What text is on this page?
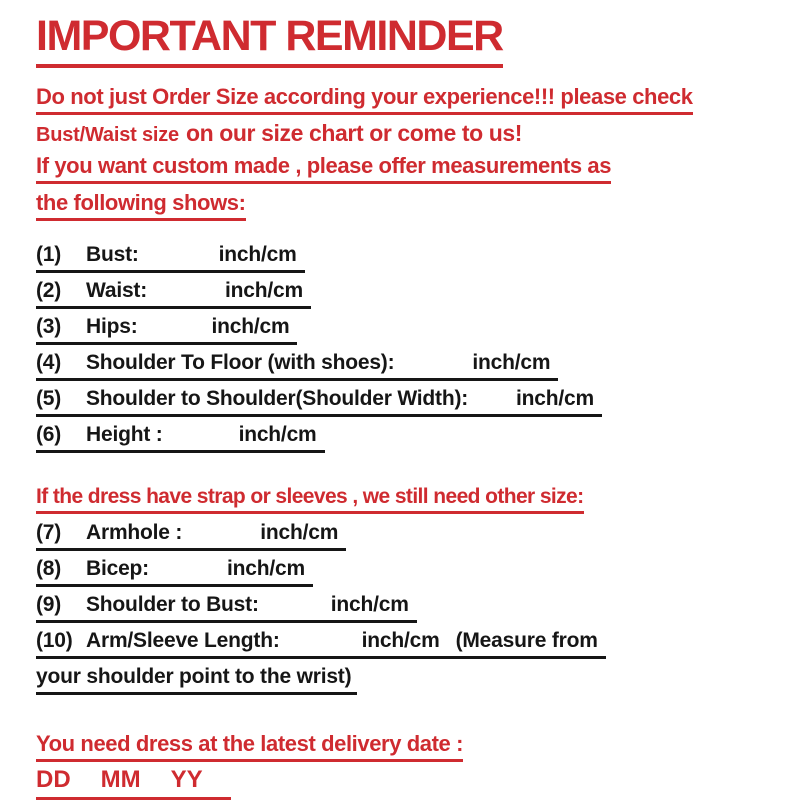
IMPORTANT REMINDER
Do not just Order Size according your experience!!! please check
Bust/Waist size on our size chart or come to us!
If you want custom made , please offer measurements as
the following shows:
(1) Bust:	inch/cm
(2) Waist:	inch/cm
(3) Hips:	inch/cm
(4) Shoulder To Floor (with shoes):	inch/cm
(5) Shoulder to Shoulder(Shoulder Width): inch/cm
(6) Height :	inch/cm
If the dress have strap or sleeves , we still need other size:
(7) Armhole :	inch/cm
(8) Bicep:	inch/cm
(9) Shoulder to Bust:	inch/cm
(10) Arm/Sleeve Length:	inch/cm (Measure from
your shoulder point to the wrist)
You need dress at the latest delivery date :
DD MM YY
